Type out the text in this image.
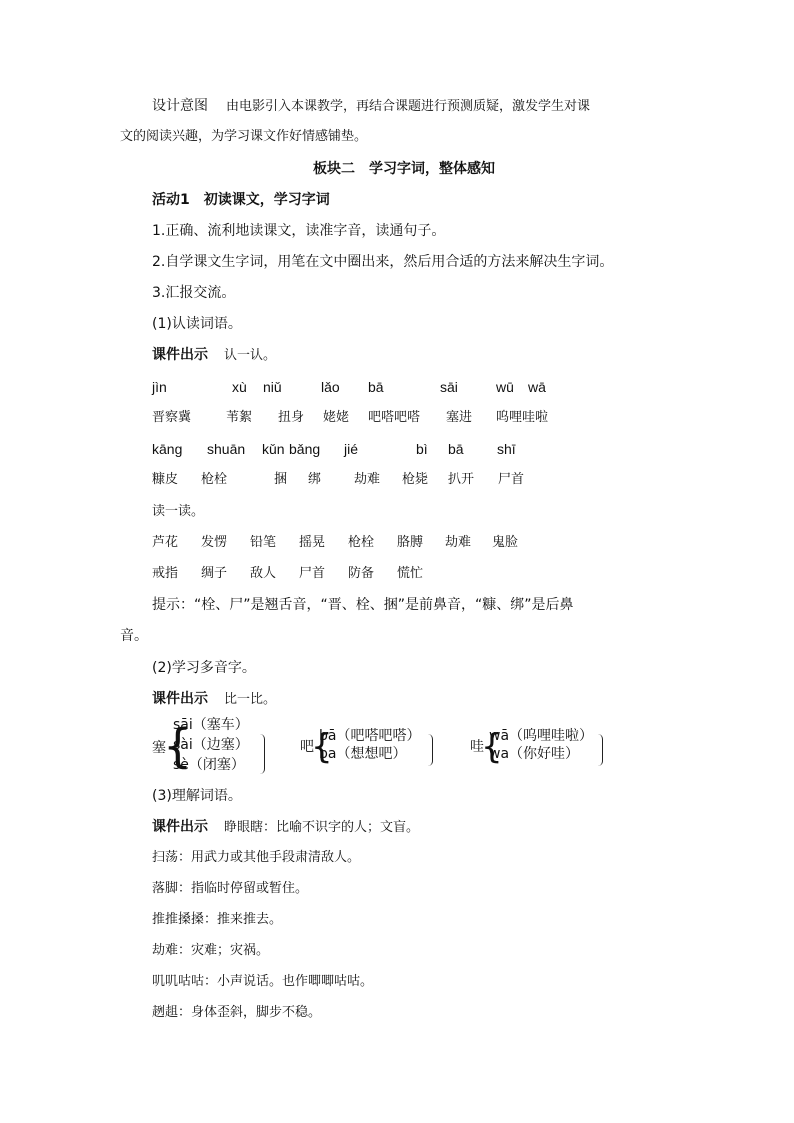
设计意图 由电影引入本课教学，再结合课题进行预测质疑，激发学生对课
文的阅读兴趣，为学习课文作好情感铺垫。
板块二　学习字词，整体感知
活动1　初读课文，学习字词
1.正确、流利地读课文，读准字音，读通句子。
2.自学课文生字词，用笔在文中圈出来，然后用合适的方法来解决生字词。
3.汇报交流。
(1)认读词语。
课件出示 认一认。
jìn	xù niǔ	lǎo bā	sāi	wū wā
晋察冀	苇絮 扭身 姥姥 吧嗒吧嗒 塞进 呜哩哇啦
kāng shuān kǔn bǎng jié	bì bā shī
糠皮 枪栓	捆 绑	劫难 枪毙 扒开 尸首
读一读。
芦花 发愣 铅笔 摇晃 枪栓 胳膊 劫难 鬼脸
戒指 绸子 敌人 尸首 防备 慌忙
提示：“栓、尸”是翘舌音，“晋、栓、捆”是前鼻音，“糠、绑”是后鼻
音。
(2)学习多音字。
课件出示 比一比。
塞
{
sāi（塞车）
sài（边塞）
sè（闭塞）
吧
{
bā（吧嗒吧嗒）
ba（想想吧）	哇
{
wā（呜哩哇啦）
wa（你好哇）
(3)理解词语。
课件出示 睁眼瞎：比喻不识字的人；文盲。
扫荡：用武力或其他手段肃清敌人。
落脚：指临时停留或暂住。
推推搡搡：推来推去。
劫难：灾难；灾祸。
叽叽咕咕：小声说话。也作唧唧咕咕。
趔趄：身体歪斜，脚步不稳。
